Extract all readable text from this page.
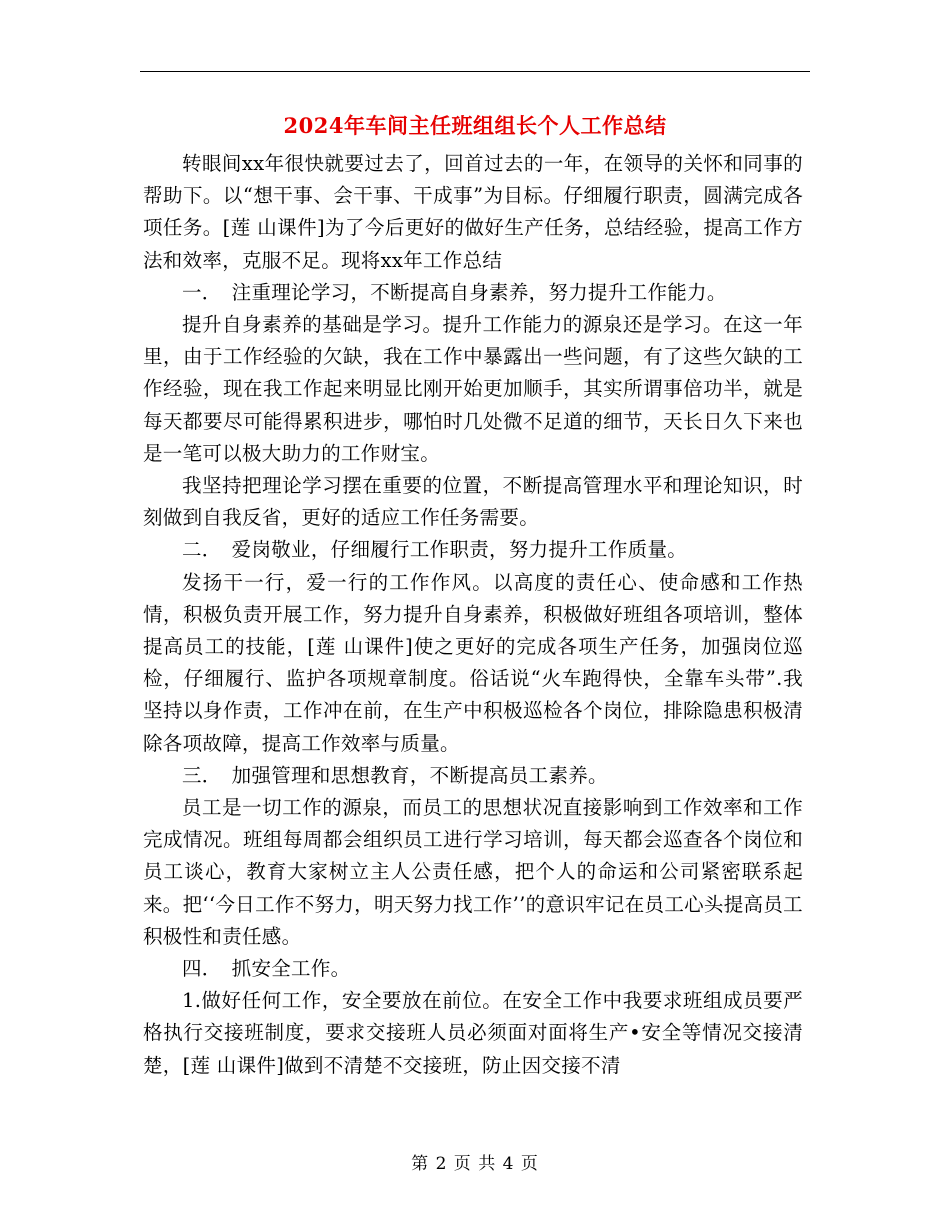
2024年车间主任班组组长个人工作总结

转眼间xx年很快就要过去了，回首过去的一年，在领导的关怀和同事的帮助下。以“想干事、会干事、干成事”为目标。仔细履行职责，圆满完成各项任务。[莲 山课件]为了今后更好的做好生产任务，总结经验，提高工作方法和效率，克服不足。现将xx年工作总结

一．　注重理论学习，不断提高自身素养，努力提升工作能力。

提升自身素养的基础是学习。提升工作能力的源泉还是学习。在这一年里，由于工作经验的欠缺，我在工作中暴露出一些问题，有了这些欠缺的工作经验，现在我工作起来明显比刚开始更加顺手，其实所谓事倍功半，就是每天都要尽可能得累积进步，哪怕时几处微不足道的细节，天长日久下来也是一笔可以极大助力的工作财宝。

我坚持把理论学习摆在重要的位置，不断提高管理水平和理论知识，时刻做到自我反省，更好的适应工作任务需要。

二．　爱岗敬业，仔细履行工作职责，努力提升工作质量。

发扬干一行，爱一行的工作作风。以高度的责任心、使命感和工作热情，积极负责开展工作，努力提升自身素养，积极做好班组各项培训，整体提高员工的技能，[莲 山课件]使之更好的完成各项生产任务，加强岗位巡检，仔细履行、监护各项规章制度。俗话说“火车跑得快，全靠车头带”.我坚持以身作责，工作冲在前，在生产中积极巡检各个岗位，排除隐患积极清除各项故障，提高工作效率与质量。

三．　加强管理和思想教育，不断提高员工素养。

员工是一切工作的源泉，而员工的思想状况直接影响到工作效率和工作完成情况。班组每周都会组织员工进行学习培训，每天都会巡查各个岗位和员工谈心，教育大家树立主人公责任感，把个人的命运和公司紧密联系起来。把‘‘今日工作不努力，明天努力找工作’’的意识牢记在员工心头提高员工积极性和责任感。

四．　抓安全工作。

1.做好任何工作，安全要放在前位。在安全工作中我要求班组成员要严格执行交接班制度，要求交接班人员必须面对面将生产•安全等情况交接清楚，[莲 山课件]做到不清楚不交接班，防止因交接不清

第 2 页 共 4 页
